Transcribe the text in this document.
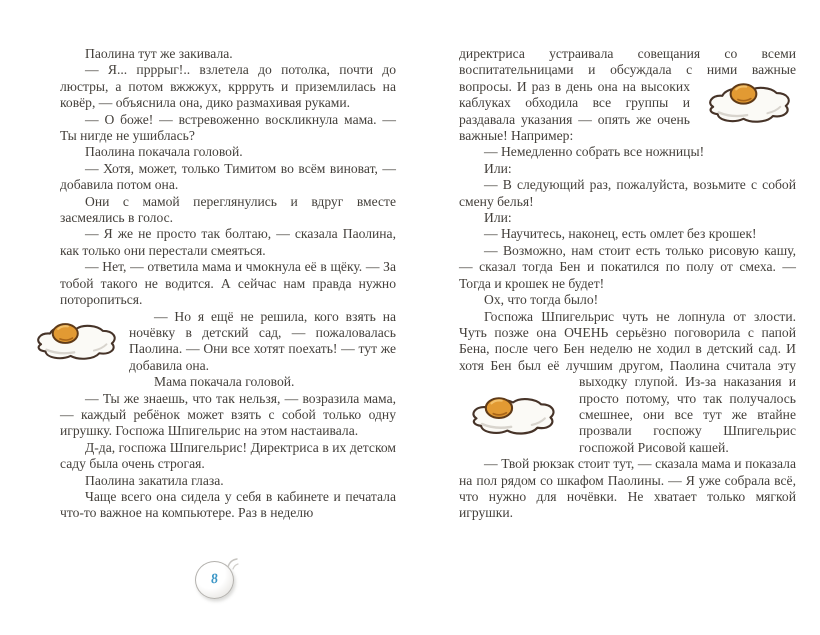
Паолина тут же закивала.

— Я... прррыг!.. взлетела до потолка, почти до люстры, а потом вжжжух, кррруть и приземлилась на ковёр, — объяснила она, дико размахивая руками.

— О боже! — встревоженно воскликнула мама. — Ты нигде не ушиблась?

Паолина покачала головой.

— Хотя, может, только Тимитом во всём виноват, — добавила потом она.

Они с мамой переглянулись и вдруг вместе засмеялись в голос.

— Я же не просто так болтаю, — сказала Паолина, как только они перестали смеяться.

— Нет, — ответила мама и чмокнула её в щёку. — За тобой такого не водится. А сейчас нам правда нужно поторопиться.

— Но я ещё не решила, кого взять на ночёвку в детский сад, — пожаловалась Паолина. — Они все хотят поехать! — тут же добавила она.

Мама покачала головой.

— Ты же знаешь, что так нельзя, — возразила мама, — каждый ребёнок может взять с собой только одну игрушку. Госпожа Шпигельрис на этом настаивала.

Д-да, госпожа Шпигельрис! Директриса в их детском саду была очень строгая.

Паолина закатила глаза.

Чаще всего она сидела у себя в кабинете и печатала что-то важное на компьютере. Раз в неделю

директриса устраивала совещания со всеми воспитательницами и обсуждала с ними важные вопросы. И раз в день она
на высоких каблуках обходила все группы и раздавала указания — опять же очень важные! Например:

— Немедленно собрать все ножницы!

Или:

— В следующий раз, пожалуйста, возьмите с собой смену белья!

Или:

— Научитесь, наконец, есть омлет без крошек!

— Возможно, нам стоит есть только рисовую кашу, — сказал тогда Бен и покатился по полу от смеха. — Тогда и крошек не будет!

Ох, что тогда было!

Госпожа Шпигельрис чуть не лопнула от злости. Чуть позже она ОЧЕНЬ серьёзно поговорила с папой Бена, после чего Бен неделю не ходил в детский сад. И хотя Бен был её лучшим другом, Паолина считала эту выходку глупой. Из-за
наказания и просто потому, что так получалось смешнее, они все тут же втайне прозвали госпожу Шпигельрис госпожой Рисовой кашей.

— Твой рюкзак стоит тут, — сказала мама и показала на пол рядом со шкафом Паолины. — Я уже собрала всё, что нужно для ночёвки. Не хватает только мягкой игрушки.

8
